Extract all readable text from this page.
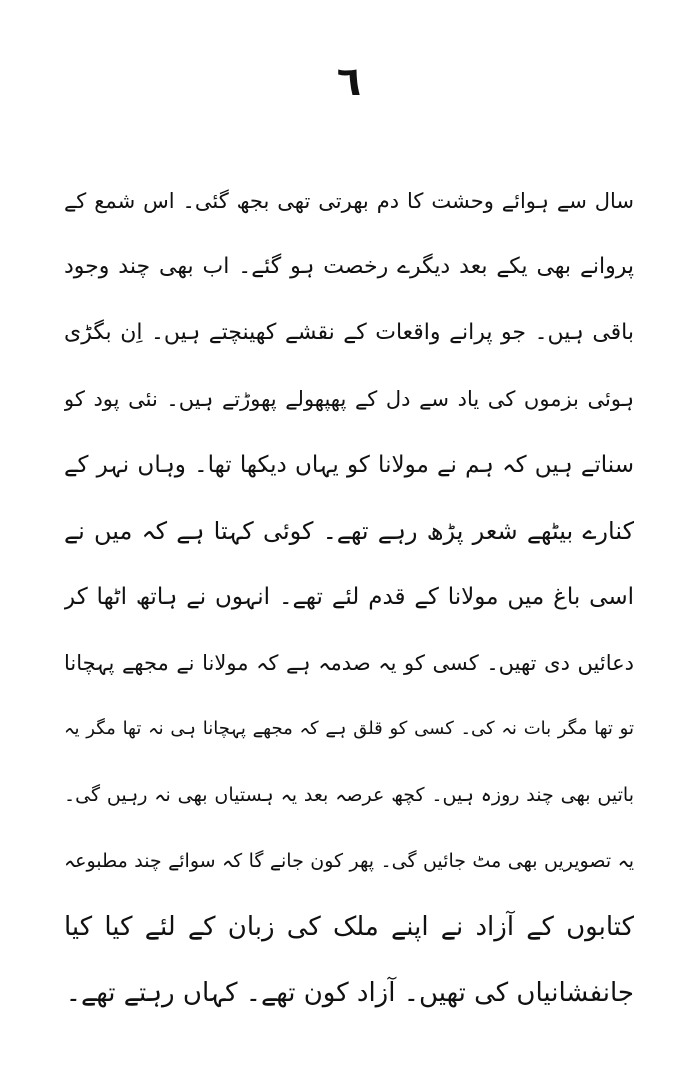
٦
سال سے ہوائے وحشت کا دم بھرتی تھی بجھ گئی۔ اس شمع کے
پروانے بھی یکے بعد دیگرے رخصت ہو گئے۔ اب بھی چند وجود
باقی ہیں۔ جو پرانے واقعات کے نقشے کھینچتے ہیں۔ اِن بگڑی
ہوئی بزموں کی یاد سے دل کے پھپھولے پھوڑتے ہیں۔ نئی پود کو
سناتے ہیں کہ ہم نے مولانا کو یہاں دیکھا تھا۔ وہاں نہر کے
کنارے بیٹھے شعر پڑھ رہے تھے۔ کوئی کہتا ہے کہ میں نے
اسی باغ میں مولانا کے قدم لئے تھے۔ انہوں نے ہاتھ اٹھا کر
دعائیں دی تھیں۔ کسی کو یہ صدمہ ہے کہ مولانا نے مجھے پہچانا
تو تھا مگر بات نہ کی۔ کسی کو قلق ہے کہ مجھے پہچانا ہی نہ تھا مگر یہ
باتیں بھی چند روزہ ہیں۔ کچھ عرصہ بعد یہ ہستیاں بھی نہ رہیں گی۔
یہ تصویریں بھی مٹ جائیں گی۔ پھر کون جانے گا کہ سوائے چند مطبوعہ
کتابوں کے آزاد نے اپنے ملک کی زبان کے لئے کیا کیا
جانفشانیاں کی تھیں۔ آزاد کون تھے۔ کہاں رہتے تھے۔
